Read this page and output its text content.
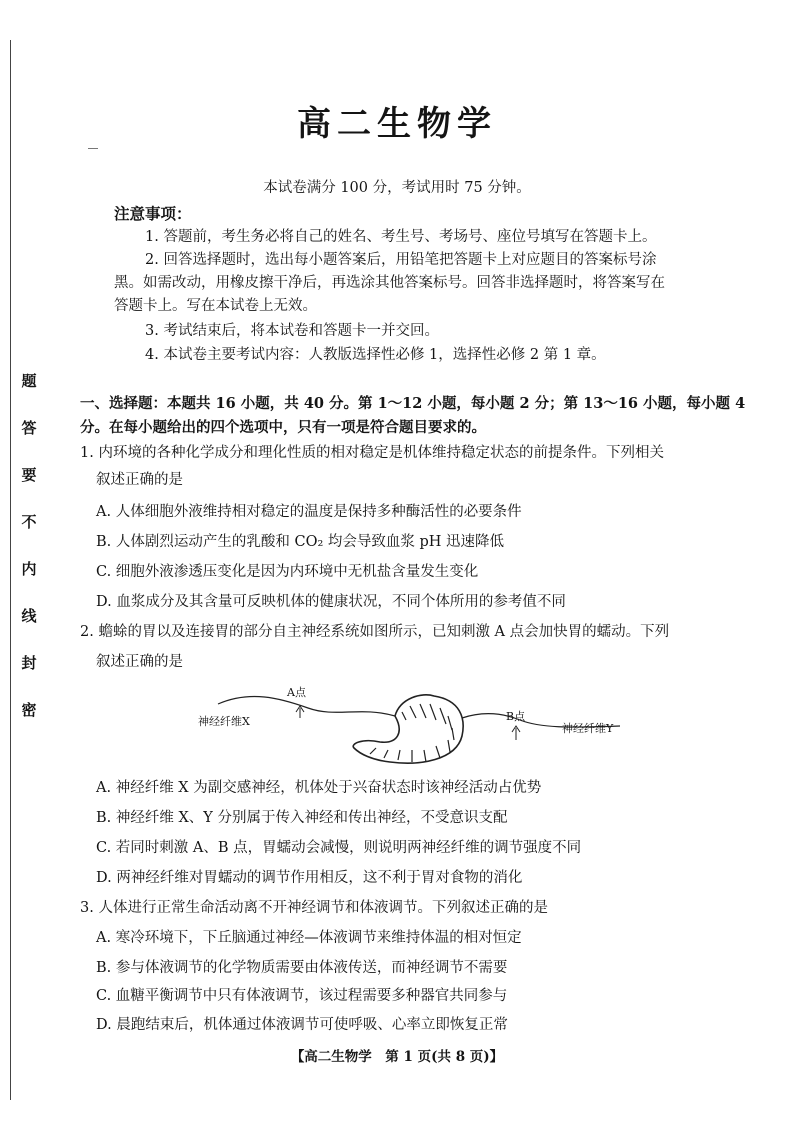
题
答
要
不
内
线
封
密
高二生物学
本试卷满分 100 分，考试用时 75 分钟。
注意事项：
1. 答题前，考生务必将自己的姓名、考生号、考场号、座位号填写在答题卡上。
2. 回答选择题时，选出每小题答案后，用铅笔把答题卡上对应题目的答案标号涂
黑。如需改动，用橡皮擦干净后，再选涂其他答案标号。回答非选择题时，将答案写在
答题卡上。写在本试卷上无效。
3. 考试结束后，将本试卷和答题卡一并交回。
4. 本试卷主要考试内容：人教版选择性必修 1，选择性必修 2 第 1 章。
一、选择题：本题共 16 小题，共 40 分。第 1～12 小题，每小题 2 分；第 13～16 小题，每小题 4
分。在每小题给出的四个选项中，只有一项是符合题目要求的。
1. 内环境的各种化学成分和理化性质的相对稳定是机体维持稳定状态的前提条件。下列相关
叙述正确的是
A. 人体细胞外液维持相对稳定的温度是保持多种酶活性的必要条件
B. 人体剧烈运动产生的乳酸和 CO₂ 均会导致血浆 pH 迅速降低
C. 细胞外液渗透压变化是因为内环境中无机盐含量发生变化
D. 血浆成分及其含量可反映机体的健康状况，不同个体所用的参考值不同
2. 蟾蜍的胃以及连接胃的部分自主神经系统如图所示，已知刺激 A 点会加快胃的蠕动。下列
叙述正确的是
A点
B点
神经纤维X
神经纤维Y
A. 神经纤维 X 为副交感神经，机体处于兴奋状态时该神经活动占优势
B. 神经纤维 X、Y 分别属于传入神经和传出神经，不受意识支配
C. 若同时刺激 A、B 点，胃蠕动会减慢，则说明两神经纤维的调节强度不同
D. 两神经纤维对胃蠕动的调节作用相反，这不利于胃对食物的消化
3. 人体进行正常生命活动离不开神经调节和体液调节。下列叙述正确的是
A. 寒冷环境下，下丘脑通过神经—体液调节来维持体温的相对恒定
B. 参与体液调节的化学物质需要由体液传送，而神经调节不需要
C. 血糖平衡调节中只有体液调节，该过程需要多种器官共同参与
D. 晨跑结束后，机体通过体液调节可使呼吸、心率立即恢复正常
【高二生物学　第 1 页(共 8 页)】
